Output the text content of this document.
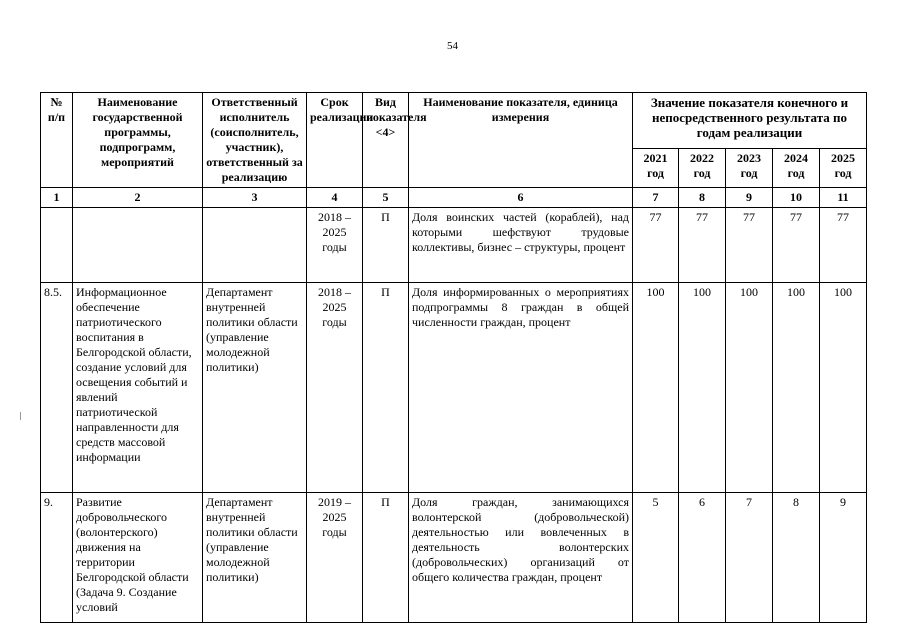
54
№ п/п	Наименование государственной программы, подпрограмм, мероприятий	Ответственный исполнитель (соисполнитель, участник), ответственный за реализацию	Срок реализации	Вид показателя <4>	Наименование показателя, единица измерения	Значение показателя конечного и непосредственного результата по годам реализации				
						2021 год	2022 год	2023 год	2024 год	2025 год
1	2	3	4	5	6	7	8	9	10	11
			2018 – 2025 годы	П	Доля воинских частей (кораблей), над которыми шефствуют трудовые коллективы, бизнес – структуры, процент	77	77	77	77	77
8.5.	Информационное обеспечение патриотического воспитания в Белгородской области, создание условий для освещения событий и явлений патриотической направленности для средств массовой информации	Департамент внутренней политики области (управление молодежной политики)	2018 – 2025 годы	П	Доля информированных о мероприятиях подпрограммы 8 граждан в общей численности граждан, процент	100	100	100	100	100
9.	Развитие добровольческого (волонтерского) движения на территории Белгородской области (Задача 9. Создание условий	Департамент внутренней политики области (управление молодежной политики)	2019 – 2025 годы	П	Доля граждан, занимающихся волонтерской (добровольческой) деятельностью или вовлеченных в деятельность волонтерских (добровольческих) организаций от общего количества граждан, процент	5	6	7	8	9
